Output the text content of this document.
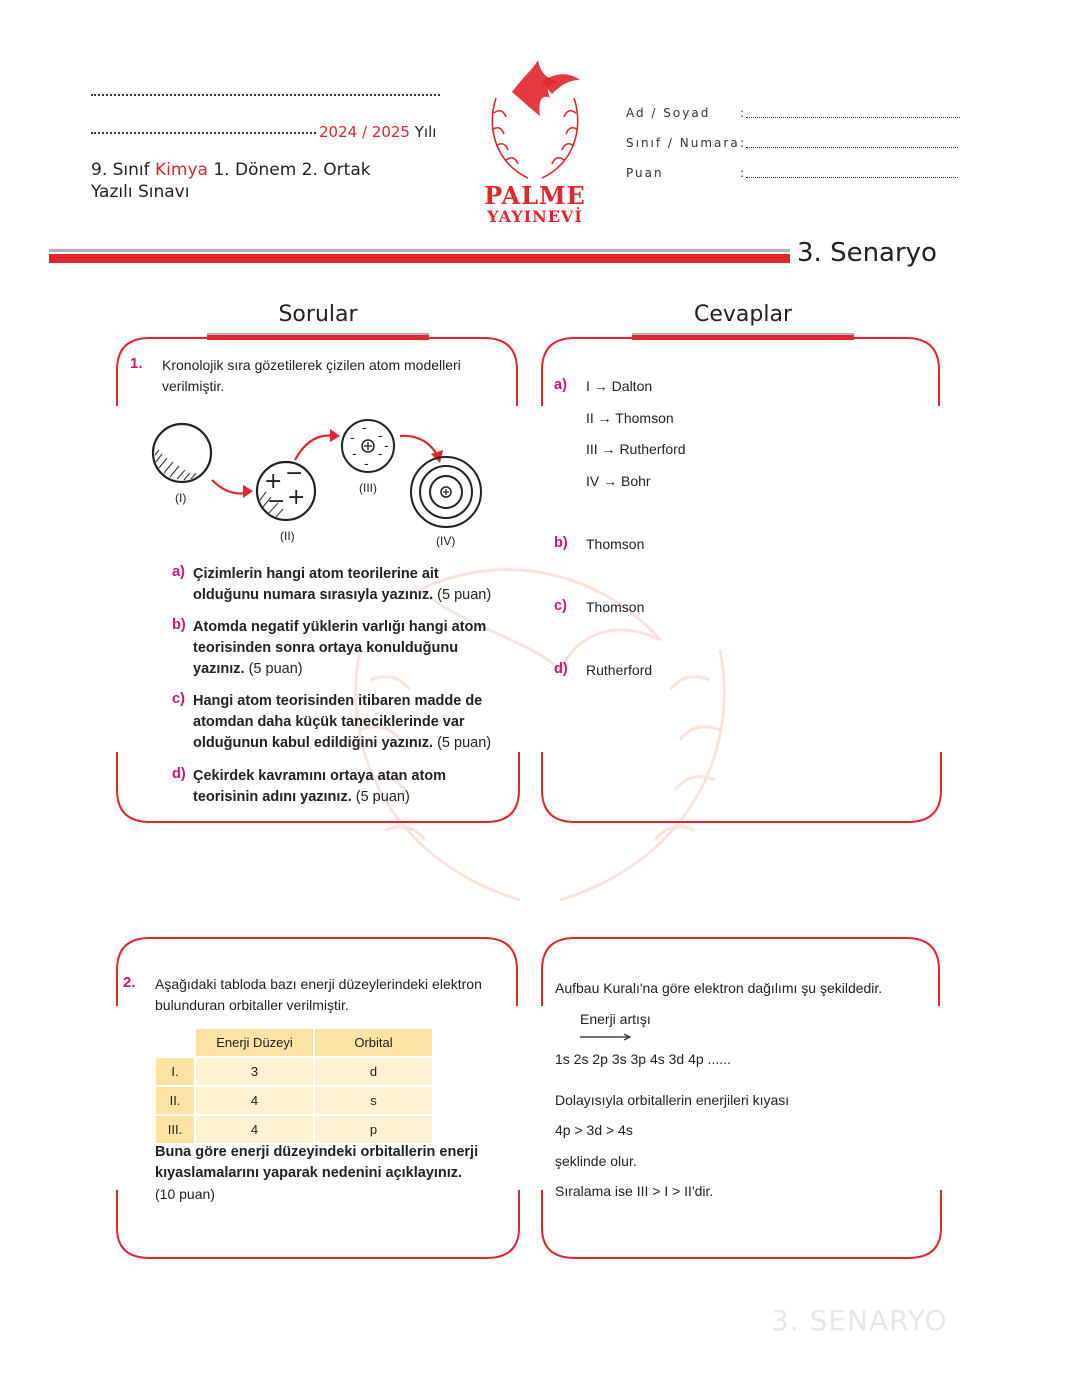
2024 / 2025 Yılı
9. Sınıf Kimya 1. Dönem 2. Ortak
Yazılı Sınavı	PALME
YAYINEVİ
Ad / Soyad :
Sınıf / Numara :
Puan	:
3. Senaryo
Sorular	Cevaplar
1. Kronolojik sıra gözetilerek çizilen atom modelleri
verilmiştir.
+ −
− +
-
- -
- -
-
-
(I)
(II)
(III)
(IV)
a) Çizimlerin hangi atom teorilerine ait
olduğunu numara sırasıyla yazınız. (5 puan)
b) Atomda negatif yüklerin varlığı hangi atom
teorisinden sonra ortaya konulduğunu
yazınız. (5 puan)
c) Hangi atom teorisinden itibaren madde de
atomdan daha küçük taneciklerinde var
olduğunun kabul edildiğini yazınız. (5 puan)
d) Çekirdek kavramını ortaya atan atom
teorisinin adını yazınız. (5 puan)
a) I → Dalton
II → Thomson
III → Rutherford
IV → Bohr
b) Thomson
c) Thomson
d) Rutherford
2. Aşağıdaki tabloda bazı enerji düzeylerindeki elektron
bulunduran orbitaller verilmiştir.
	Enerji Düzeyi	Orbital
I.	3	d
II.	4	s
III.	4	p
Buna göre enerji düzeyindeki orbitallerin enerji
kıyaslamalarını yaparak nedenini açıklayınız.
(10 puan)
Aufbau Kuralı'na göre elektron dağılımı şu şekildedir.
Enerji artışı
1s 2s 2p 3s 3p 4s 3d 4p ......
Dolayısıyla orbitallerin enerjileri kıyası
4p > 3d > 4s
şeklinde olur.
Sıralama ise III > I > II'dir.
3. SENARYO
